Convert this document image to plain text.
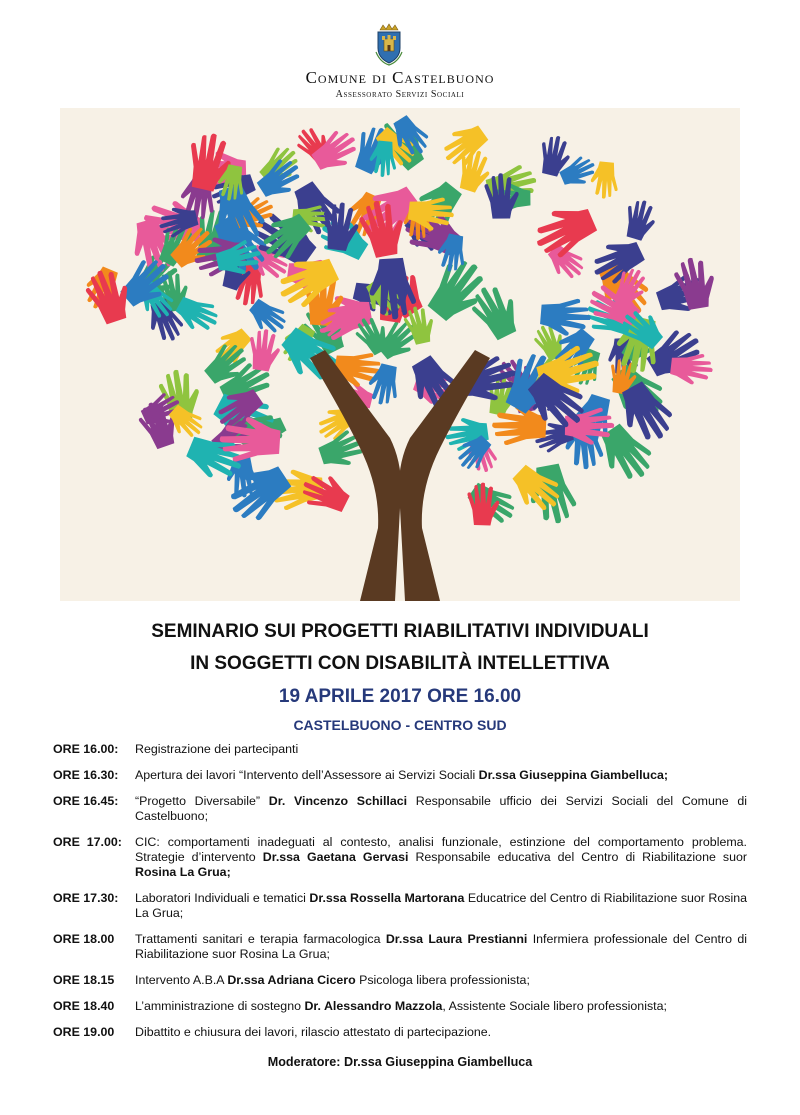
Comune di Castelbuono
Assessorato Servizi Sociali
SEMINARIO SUI PROGETTI RIABILITATIVI INDIVIDUALI
IN SOGGETTI CON DISABILITÀ INTELLETTIVA
19 APRILE 2017 ORE 16.00
CASTELBUONO - CENTRO SUD
ORE 16.00:	Registrazione dei partecipanti
ORE 16.30:	Apertura dei lavori “Intervento dell’Assessore ai Servizi Sociali Dr.ssa Giuseppina Giambelluca;
ORE 16.45:	“Progetto Diversabile” Dr. Vincenzo Schillaci Responsabile ufficio dei Servizi Sociali del Comune di Castelbuono;
ORE  17.00:	CIC: comportamenti inadeguati al contesto, analisi funzionale, estinzione del comportamento problema. Strategie d’intervento Dr.ssa Gaetana Gervasi Responsabile educativa del Centro di Riabilitazione suor Rosina La Grua;
ORE 17.30:	Laboratori Individuali e tematici Dr.ssa Rossella Martorana Educatrice del Centro di Riabilitazione suor Rosina La Grua;
ORE 18.00	Trattamenti sanitari e terapia farmacologica Dr.ssa Laura Prestianni Infermiera professionale del Centro di Riabilitazione suor Rosina La Grua;
ORE 18.15	Intervento A.B.A Dr.ssa Adriana Cicero Psicologa libera professionista;
ORE 18.40	L’amministrazione di sostegno Dr. Alessandro Mazzola, Assistente Sociale libero professionista;
ORE 19.00	Dibattito e chiusura dei lavori, rilascio attestato di partecipazione.
Moderatore: Dr.ssa Giuseppina Giambelluca
